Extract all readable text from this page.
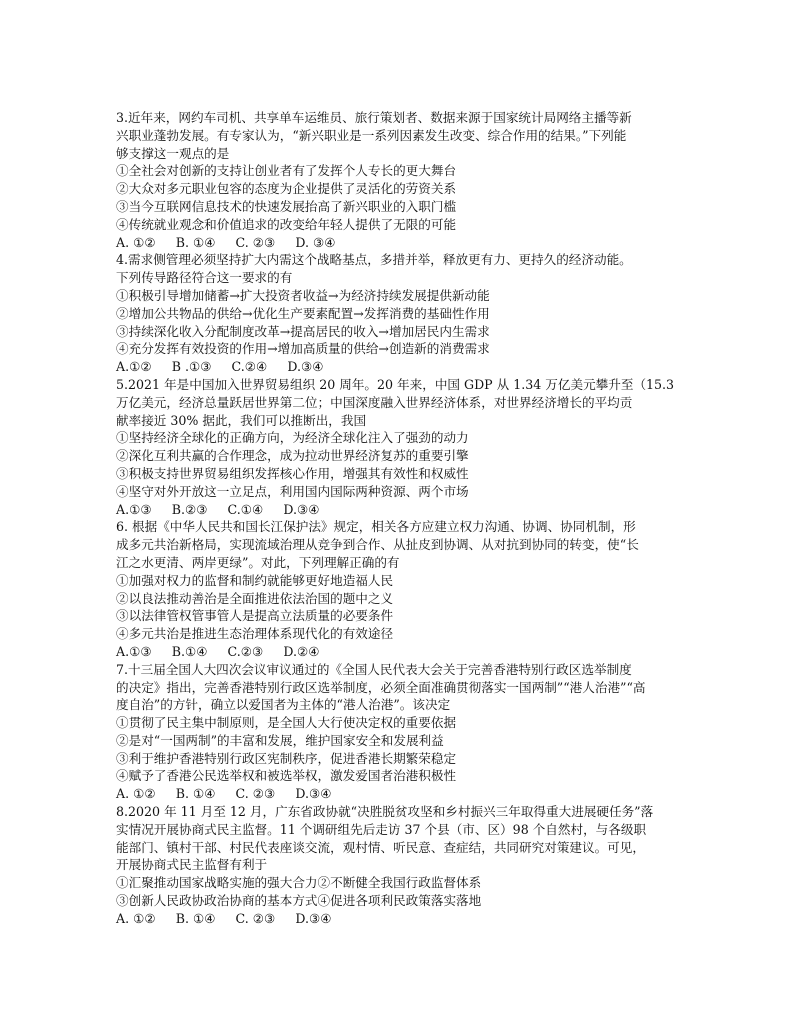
3.近年来，网约车司机、共享单车运维员、旅行策划者、数据来源于国家统计局网络主播等新
兴职业蓬勃发展。有专家认为，“新兴职业是一系列因素发生改变、综合作用的结果。”下列能
够支撑这一观点的是
①全社会对创新的支持让创业者有了发挥个人专长的更大舞台
②大众对多元职业包容的态度为企业提供了灵活化的劳资关系
③当今互联网信息技术的快速发展抬高了新兴职业的入职门槛
④传统就业观念和价值追求的改变给年轻人提供了无限的可能
A. ①②     B. ①④     C. ②③     D. ③④
4.需求侧管理必须坚持扩大内需这个战略基点，多措并举，释放更有力、更持久的经济动能。
下列传导路径符合这一要求的有
①积极引导增加储蓄→扩大投资者收益→为经济持续发展提供新动能
②增加公共物品的供给→优化生产要素配置→发挥消费的基础性作用
③持续深化收入分配制度改革→提高居民的收入→增加居民内生需求
④充分发挥有效投资的作用→增加高质量的供给→创造新的消费需求
A.①②     B .①③     C.②④     D.③④
5.2021 年是中国加入世界贸易组织 20 周年。20 年来，中国 GDP 从 1.34 万亿美元攀升至（15.3
万亿美元，经济总量跃居世界第二位；中国深度融入世界经济体系，对世界经济增长的平均贡
献率接近 30% 据此，我们可以推断出，我国
①坚持经济全球化的正确方向，为经济全球化注入了强劲的动力
②深化互利共赢的合作理念，成为拉动世界经济复苏的重要引擎
③积极支持世界贸易组织发挥核心作用，增强其有效性和权威性
④坚守对外开放这一立足点，利用国内国际两种资源、两个市场
A.①③     B.②③     C.①④     D.③④
6. 根据《中华人民共和国长江保护法》规定，相关各方应建立权力沟通、协调、协同机制，形
成多元共治新格局，实现流域治理从竞争到合作、从扯皮到协调、从对抗到协同的转变，使“长
江之水更清、两岸更绿”。对此，下列理解正确的有
①加强对权力的监督和制约就能够更好地造福人民
②以良法推动善治是全面推进依法治国的题中之义
③以法律管权管事管人是提高立法质量的必要条件
④多元共治是推进生态治理体系现代化的有效途径
A.①③     B.①④     C.②③     D.②④
7.十三届全国人大四次会议审议通过的《全国人民代表大会关于完善香港特别行政区选举制度
的决定》指出，完善香港特别行政区选举制度，必须全面准确贯彻落实一国两制”“港人治港”“高
度自治”的方针，确立以爱国者为主体的“港人治港”。该决定
①贯彻了民主集中制原则，是全国人大行使决定权的重要依据
②是对“一国两制”的丰富和发展，维护国家安全和发展利益
③利于维护香港特别行政区宪制秩序，促进香港长期繁荣稳定
④赋予了香港公民选举权和被选举权，激发爱国者治港积极性
A. ①②     B. ①④     C. ②③     D.③④
8.2020 年 11 月至 12 月，广东省政协就“决胜脱贫攻坚和乡村振兴三年取得重大进展硬任务”落
实情况开展协商式民主监督。11 个调研组先后走访 37 个县（市、区）98 个自然村，与各级职
能部门、镇村干部、村民代表座谈交流，观村情、听民意、查症结，共同研究对策建议。可见，
开展协商式民主监督有利于
①汇聚推动国家战略实施的强大合力②不断健全我国行政监督体系
③创新人民政协政治协商的基本方式④促进各项利民政策落实落地
A. ①②     B. ①④     C. ②③     D.③④
